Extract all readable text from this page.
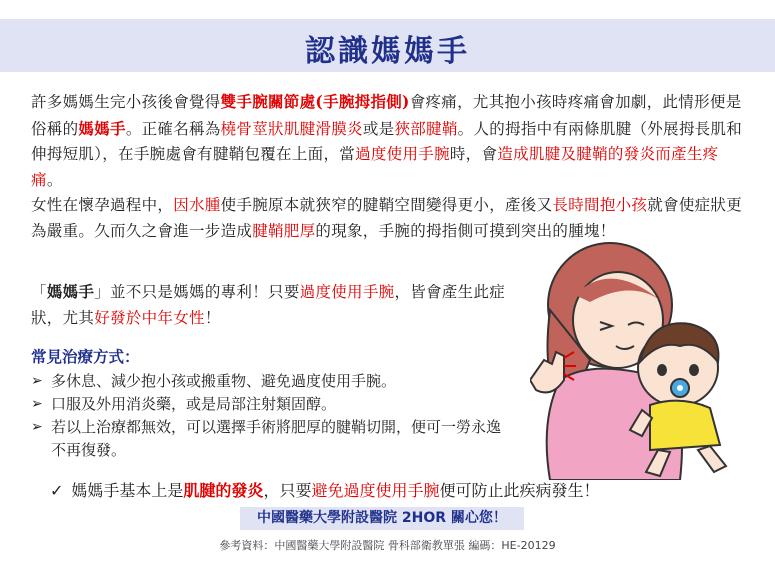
認識媽媽手
許多媽媽生完小孩後會覺得雙手腕關節處(手腕拇指側)會疼痛，尤其抱小孩時疼痛會加劇，此情形便是俗稱的媽媽手。正確名稱為橈骨莖狀肌腱滑膜炎或是狹部腱鞘。人的拇指中有兩條肌腱（外展拇長肌和伸拇短肌），在手腕處會有腱鞘包覆在上面，當過度使用手腕時，會造成肌腱及腱鞘的發炎而產生疼痛。
女性在懷孕過程中，因水腫使手腕原本就狹窄的腱鞘空間變得更小，產後又長時間抱小孩就會使症狀更為嚴重。久而久之會進一步造成腱鞘肥厚的現象，手腕的拇指側可摸到突出的腫塊！
「媽媽手」並不只是媽媽的專利！只要過度使用手腕，皆會產生此症狀，尤其好發於中年女性！
常見治療方式：
➢ 多休息、減少抱小孩或搬重物、避免過度使用手腕。
➢ 口服及外用消炎藥，或是局部注射類固醇。
➢ 若以上治療都無效，可以選擇手術將肥厚的腱鞘切開，便可一勞永逸不再復發。
✓ 媽媽手基本上是肌腱的發炎，只要避免過度使用手腕便可防止此疾病發生！
中國醫藥大學附設醫院 2HOR 關心您！
參考資料：中國醫藥大學附設醫院 骨科部衛教單張 編碼：HE-20129
